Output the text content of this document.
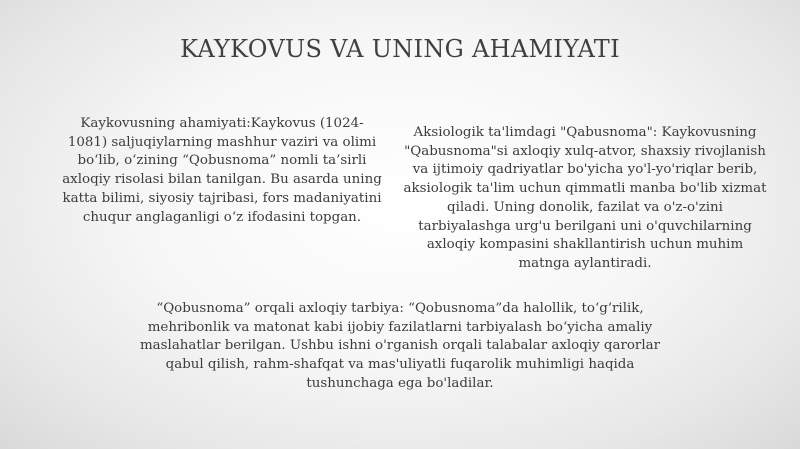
KAYKOVUS VA UNING AHAMIYATI

Kaykovusning ahamiyati:Kaykovus (1024-1081) saljuqiylarning mashhur vaziri va olimi boʻlib, oʻzining “Qobusnoma” nomli ta’sirli axloqiy risolasi bilan tanilgan. Bu asarda uning katta bilimi, siyosiy tajribasi, fors madaniyatini chuqur anglaganligi oʻz ifodasini topgan.

Aksiologik ta'limdagi "Qabusnoma": Kaykovusning "Qabusnoma"si axloqiy xulq-atvor, shaxsiy rivojlanish va ijtimoiy qadriyatlar bo'yicha yo'l-yo'riqlar berib, aksiologik ta'lim uchun qimmatli manba bo'lib xizmat qiladi. Uning donolik, fazilat va o'z-o'zini tarbiyalashga urg'u berilgani uni o'quvchilarning axloqiy kompasini shakllantirish uchun muhim matnga aylantiradi.

“Qobusnoma” orqali axloqiy tarbiya: “Qobusnoma”da halollik, toʻgʻrilik, mehribonlik va matonat kabi ijobiy fazilatlarni tarbiyalash boʻyicha amaliy maslahatlar berilgan. Ushbu ishni o'rganish orqali talabalar axloqiy qarorlar qabul qilish, rahm-shafqat va mas'uliyatli fuqarolik muhimligi haqida tushunchaga ega bo'ladilar.
